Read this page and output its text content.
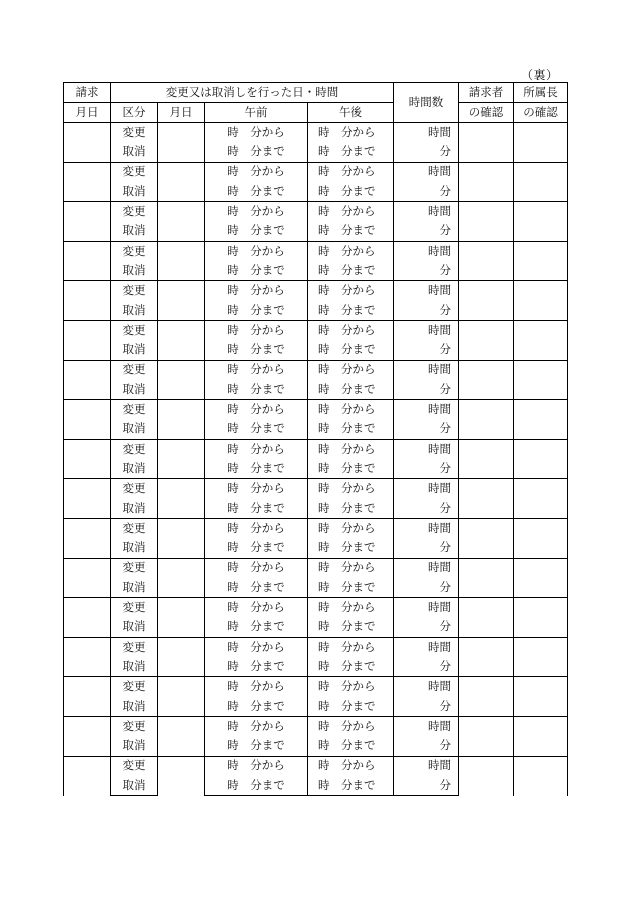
（裏）
請求	変更又は取消しを行った日・時間				時間数	請求者	所属長
月日	区分	月日	午前	午後		の確認	の確認
	変更		時　分から	時　分から	時間		
	取消		時　分まで	時　分まで	分		
	変更		時　分から	時　分から	時間		
	取消		時　分まで	時　分まで	分		
	変更		時　分から	時　分から	時間		
	取消		時　分まで	時　分まで	分		
	変更		時　分から	時　分から	時間		
	取消		時　分まで	時　分まで	分		
	変更		時　分から	時　分から	時間		
	取消		時　分まで	時　分まで	分		
	変更		時　分から	時　分から	時間		
	取消		時　分まで	時　分まで	分		
	変更		時　分から	時　分から	時間		
	取消		時　分まで	時　分まで	分		
	変更		時　分から	時　分から	時間		
	取消		時　分まで	時　分まで	分		
	変更		時　分から	時　分から	時間		
	取消		時　分まで	時　分まで	分		
	変更		時　分から	時　分から	時間		
	取消		時　分まで	時　分まで	分		
	変更		時　分から	時　分から	時間		
	取消		時　分まで	時　分まで	分		
	変更		時　分から	時　分から	時間		
	取消		時　分まで	時　分まで	分		
	変更		時　分から	時　分から	時間		
	取消		時　分まで	時　分まで	分		
	変更		時　分から	時　分から	時間		
	取消		時　分まで	時　分まで	分		
	変更		時　分から	時　分から	時間		
	取消		時　分まで	時　分まで	分		
	変更		時　分から	時　分から	時間		
	取消		時　分まで	時　分まで	分		
	変更		時　分から	時　分から	時間		
	取消		時　分まで	時　分まで	分		
